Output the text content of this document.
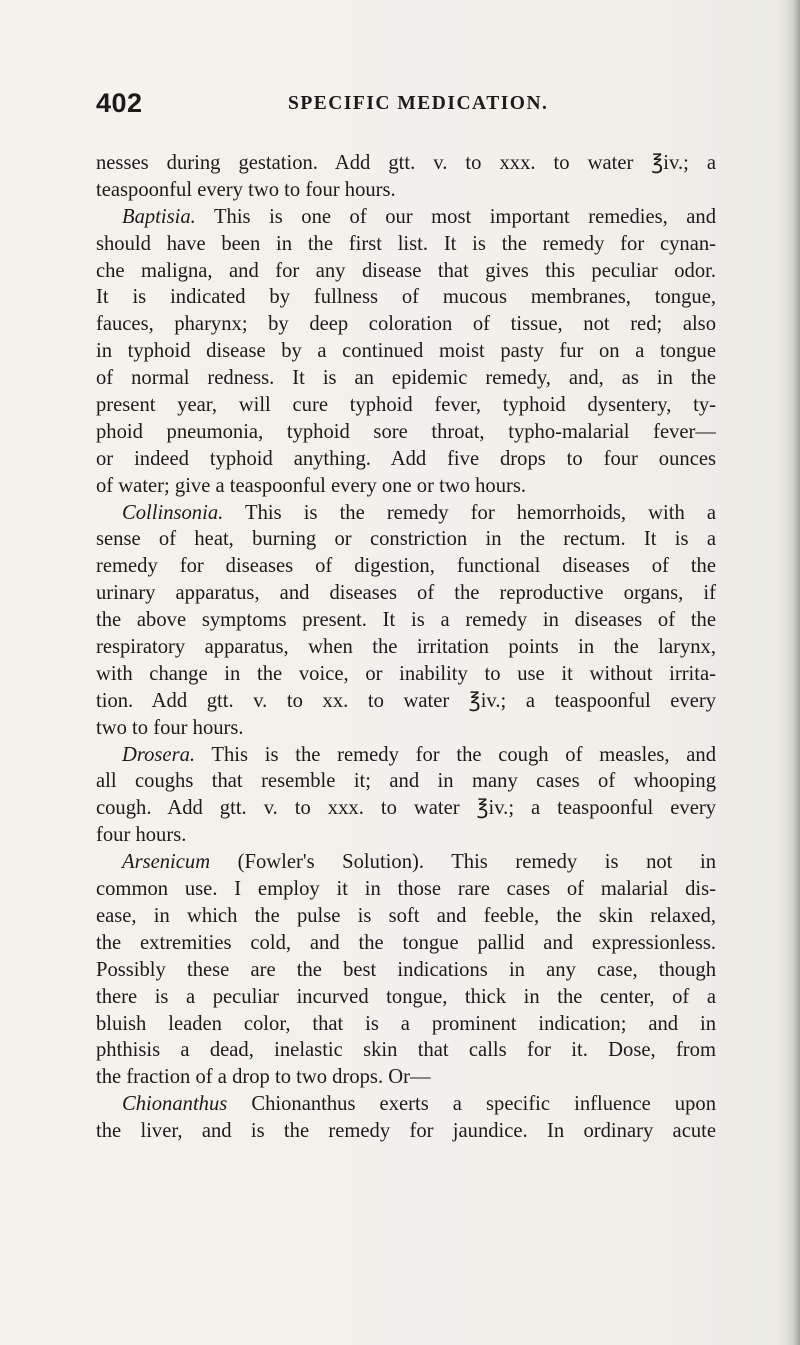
402	SPECIFIC MEDICATION.
nesses during gestation. Add gtt. v. to xxx. to water ℥iv.; a
teaspoonful every two to four hours.
Baptisia. This is one of our most important remedies, and
should have been in the first list. It is the remedy for cynan-
che maligna, and for any disease that gives this peculiar odor.
It is indicated by fullness of mucous membranes, tongue,
fauces, pharynx; by deep coloration of tissue, not red; also
in typhoid disease by a continued moist pasty fur on a tongue
of normal redness. It is an epidemic remedy, and, as in the
present year, will cure typhoid fever, typhoid dysentery, ty-
phoid pneumonia, typhoid sore throat, typho-malarial fever—
or indeed typhoid anything. Add five drops to four ounces
of water; give a teaspoonful every one or two hours.
Collinsonia. This is the remedy for hemorrhoids, with a
sense of heat, burning or constriction in the rectum. It is a
remedy for diseases of digestion, functional diseases of the
urinary apparatus, and diseases of the reproductive organs, if
the above symptoms present. It is a remedy in diseases of the
respiratory apparatus, when the irritation points in the larynx,
with change in the voice, or inability to use it without irrita-
tion. Add gtt. v. to xx. to water ℥iv.; a teaspoonful every
two to four hours.
Drosera. This is the remedy for the cough of measles, and
all coughs that resemble it; and in many cases of whooping
cough. Add gtt. v. to xxx. to water ℥iv.; a teaspoonful every
four hours.
Arsenicum (Fowler's Solution). This remedy is not in
common use. I employ it in those rare cases of malarial dis-
ease, in which the pulse is soft and feeble, the skin relaxed,
the extremities cold, and the tongue pallid and expressionless.
Possibly these are the best indications in any case, though
there is a peculiar incurved tongue, thick in the center, of a
bluish leaden color, that is a prominent indication; and in
phthisis a dead, inelastic skin that calls for it. Dose, from
the fraction of a drop to two drops. Or—
Chionanthus Chionanthus exerts a specific influence upon
the liver, and is the remedy for jaundice. In ordinary acute
